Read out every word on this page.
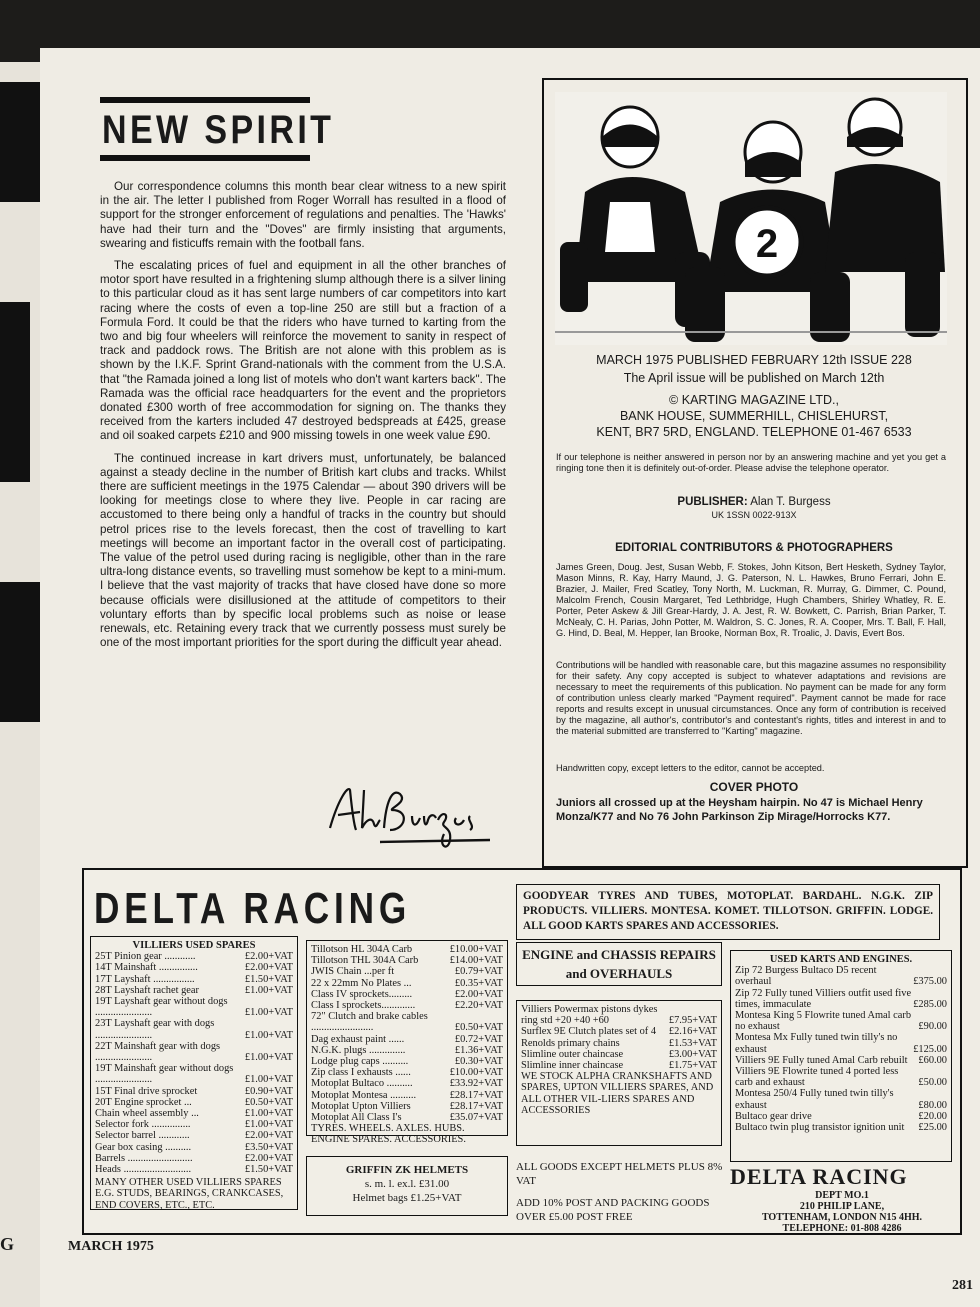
G
NEW SPIRIT

Our correspondence columns this month bear clear witness to a new spirit in the air. The letter I published from Roger Worrall has resulted in a flood of support for the stronger enforcement of regulations and penalties. The 'Hawks' have had their turn and the "Doves" are firmly insisting that arguments, swearing and fisticuffs remain with the football fans.

The escalating prices of fuel and equipment in all the other branches of motor sport have resulted in a frightening slump although there is a silver lining to this particular cloud as it has sent large numbers of car competitors into kart racing where the costs of even a top-line 250 are still but a fraction of a Formula Ford. It could be that the riders who have turned to karting from the two and big four wheelers will reinforce the movement to sanity in respect of track and paddock rows. The British are not alone with this problem as is shown by the I.K.F. Sprint Grand-nationals with the comment from the U.S.A. that "the Ramada joined a long list of motels who don't want karters back". The Ramada was the official race headquarters for the event and the proprietors donated £300 worth of free accommodation for signing on. The thanks they received from the karters included 47 destroyed bedspreads at £425, grease and oil soaked carpets £210 and 900 missing towels in one week value £90.

The continued increase in kart drivers must, unfortunately, be balanced against a steady decline in the number of British kart clubs and tracks. Whilst there are sufficient meetings in the 1975 Calendar — about 390 drivers will be looking for meetings close to where they live. People in car racing are accustomed to there being only a handful of tracks in the country but should petrol prices rise to the levels forecast, then the cost of travelling to kart meetings will become an important factor in the overall cost of participating. The value of the petrol used during racing is negligible, other than in the rare ultra-long distance events, so travelling must somehow be kept to a mini-mum. I believe that the vast majority of tracks that have closed have done so more because officials were disillusioned at the attitude of competitors to their voluntary efforts than by specific local problems such as noise or lease renewals, etc. Retaining every track that we currently possess must surely be one of the most important priorities for the sport during the difficult year ahead.

2
MARCH 1975 PUBLISHED FEBRUARY 12th ISSUE 228
The April issue will be published on March 12th
© KARTING MAGAZINE LTD.,
BANK HOUSE, SUMMERHILL, CHISLEHURST,
KENT, BR7 5RD, ENGLAND. TELEPHONE 01-467 6533
If our telephone is neither answered in person nor by an answering machine and yet you get a ringing tone then it is definitely out-of-order. Please advise the telephone operator.
PUBLISHER: Alan T. Burgess
UK 1SSN 0022-913X
EDITORIAL CONTRIBUTORS & PHOTOGRAPHERS
James Green, Doug. Jest, Susan Webb, F. Stokes, John Kitson, Bert Hesketh, Sydney Taylor, Mason Minns, R. Kay, Harry Maund, J. G. Paterson, N. L. Hawkes, Bruno Ferrari, John E. Brazier, J. Mailer, Fred Scatley, Tony North, M. Luckman, R. Murray, G. Dimmer, C. Pound, Malcolm French, Cousin Margaret, Ted Lethbridge, Hugh Chambers, Shirley Whatley, R. E. Porter, Peter Askew & Jill Grear-Hardy, J. A. Jest, R. W. Bowkett, C. Parrish, Brian Parker, T. McNealy, C. H. Parias, John Potter, M. Waldron, S. C. Jones, R. A. Cooper, Mrs. T. Ball, F. Hall, G. Hind, D. Beal, M. Hepper, Ian Brooke, Norman Box, R. Troalic, J. Davis, Evert Bos.
Contributions will be handled with reasonable care, but this magazine assumes no responsibility for their safety. Any copy accepted is subject to whatever adaptations and revisions are necessary to meet the requirements of this publication. No payment can be made for any form of contribution unless clearly marked "Payment required". Payment cannot be made for race reports and results except in unusual circumstances. Once any form of contribution is received by the magazine, all author's, contributor's and contestant's rights, titles and interest in and to the material submitted are transferred to "Karting" magazine.
Handwritten copy, except letters to the editor, cannot be accepted.
COVER PHOTO
Juniors all crossed up at the Heysham hairpin. No 47 is Michael Henry Monza/K77 and No 76 John Parkinson Zip Mirage/Horrocks K77.
DELTA RACING	GOODYEAR TYRES AND TUBES, MOTOPLAT. BARDAHL. N.G.K. ZIP PRODUCTS. VILLIERS. MONTESA. KOMET. TILLOTSON. GRIFFIN. LODGE. ALL GOOD KARTS SPARES AND ACCESSORIES.
VILLIERS USED SPARES
25T Pinion gear ............	£2.00+VAT
14T Mainshaft ...............	£2.00+VAT
17T Layshaft ................	£1.50+VAT
28T Layshaft rachet gear	£1.00+VAT
19T Layshaft gear without dogs ......................	£1.00+VAT
23T Layshaft gear with dogs ......................	£1.00+VAT
22T Mainshaft gear with dogs ......................	£1.00+VAT
19T Mainshaft gear without dogs ......................	£1.00+VAT
15T Final drive sprocket	£0.90+VAT
20T Engine sprocket ...	£0.50+VAT
Chain wheel assembly ...	£1.00+VAT
Selector fork ...............	£1.00+VAT
Selector barrel ............	£2.00+VAT
Gear box casing ..........	£3.50+VAT
Barrels .........................	£2.00+VAT
Heads ..........................	£1.50+VAT
MANY OTHER USED VILLIERS SPARES E.G. STUDS, BEARINGS, CRANKCASES, END COVERS, ETC., ETC.
Tillotson HL 304A Carb	£10.00+VAT
Tillotson THL 304A Carb	£14.00+VAT
JWIS Chain ...per ft	£0.79+VAT
22 x 22mm No Plates ...	£0.35+VAT
Class IV sprockets.........	£2.00+VAT
Class I sprockets.............	£2.20+VAT
72" Clutch and brake cables ........................	£0.50+VAT
Dag exhaust paint ......	£0.72+VAT
N.G.K. plugs ..............	£1.36+VAT
Lodge plug caps ..........	£0.30+VAT
Zip class I exhausts ......	£10.00+VAT
Motoplat Bultaco ..........	£33.92+VAT
Motoplat Montesa ..........	£28.17+VAT
Motoplat Upton Villiers	£28.17+VAT
Motoplat All Class I's	£35.07+VAT
TYRES. WHEELS. AXLES. HUBS. ENGINE SPARES. ACCESSORIES.
GRIFFIN ZK HELMETS
s. m. l. ex.l. £31.00
Helmet bags £1.25+VAT
ENGINE and CHASSIS REPAIRS and OVERHAULS
Villiers Powermax pistons dykes ring std +20 +40 +60	£7.95+VAT
Surflex 9E Clutch plates set of 4 £2.16+VAT
Renolds primary chains	£1.53+VAT
Slimline outer chaincase	£3.00+VAT
Slimline inner chaincase	£1.75+VAT
WE STOCK ALPHA CRANKSHAFTS AND SPARES, UPTON VILLIERS SPARES, AND ALL OTHER VIL-LIERS SPARES AND ACCESSORIES
USED KARTS AND ENGINES.
Zip 72 Burgess Bultaco D5 recent overhaul	£375.00
Zip 72 Fully tuned Villiers outfit used five times, immaculate	£285.00
Montesa King 5 Flowrite tuned Amal carb no exhaust	£90.00
Montesa Mx Fully tuned twin tilly's no exhaust	£125.00
Villiers 9E Fully tuned Amal Carb rebuilt £60.00
Villiers 9E Flowrite tuned 4 ported less carb and exhaust	£50.00
Montesa 250/4 Fully tuned twin tilly's exhaust	£80.00
Bultaco gear drive	£20.00
Bultaco twin plug transistor ignition unit £25.00
ALL GOODS EXCEPT HELMETS PLUS 8% VAT
ADD 10% POST AND PACKING GOODS OVER £5.00 POST FREE
DELTA RACING
DEPT MO.1
210 PHILIP LANE,
TOTTENHAM, LONDON N15 4HH.
TELEPHONE: 01-808 4286
MARCH 1975
281
